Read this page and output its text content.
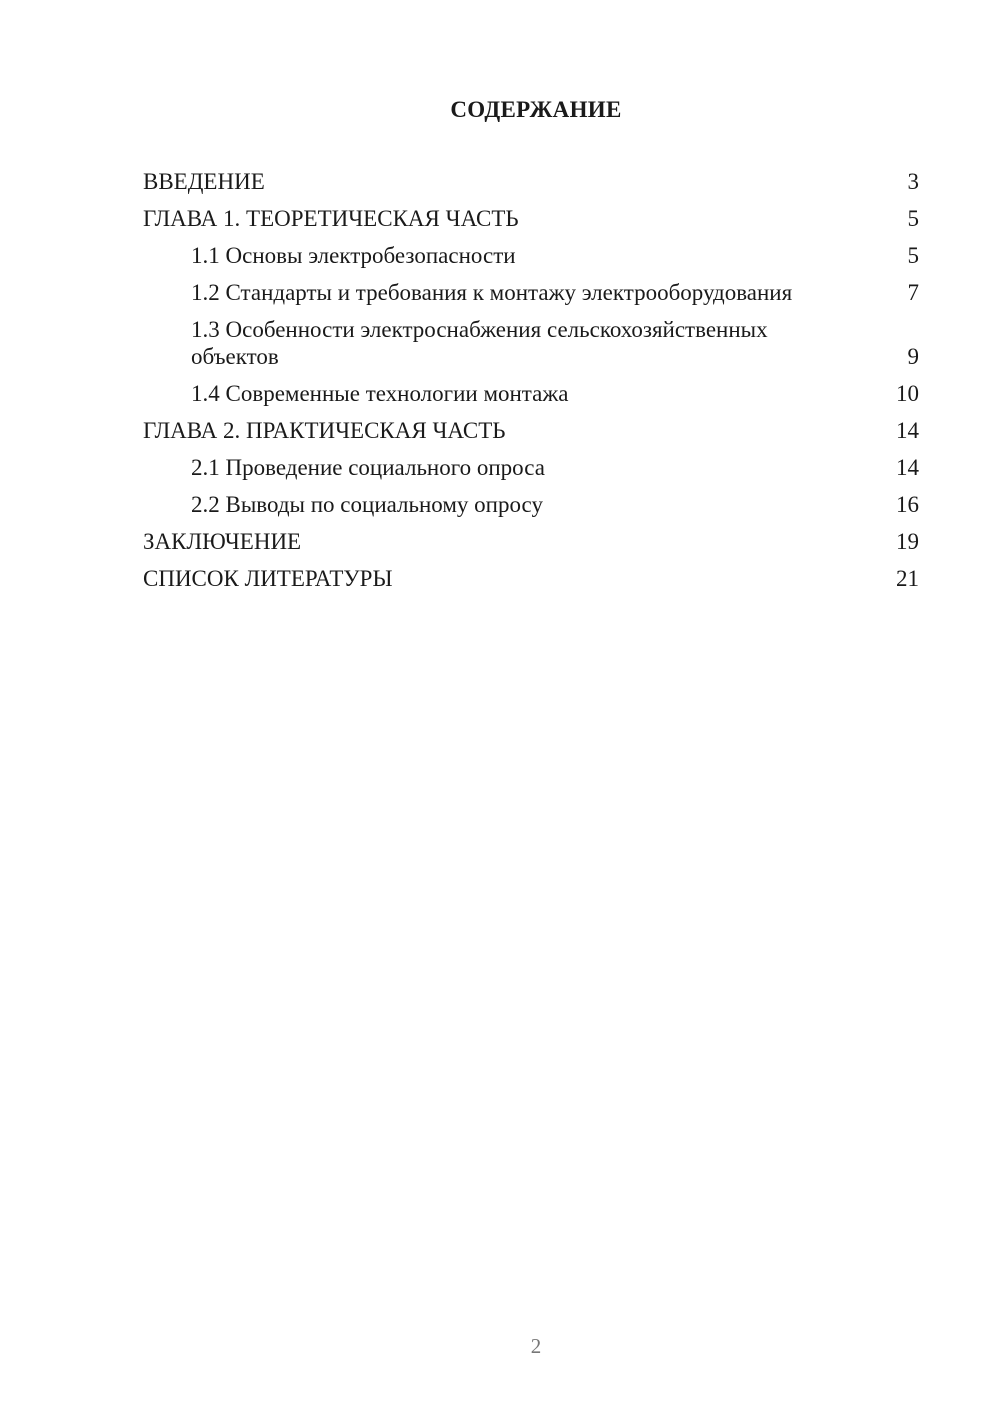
СОДЕРЖАНИЕ
ВВЕДЕНИЕ	3
ГЛАВА 1. ТЕОРЕТИЧЕСКАЯ ЧАСТЬ	5
1.1 Основы электробезопасности	5
1.2 Стандарты и требования к монтажу электрооборудования	7
1.3 Особенности электроснабжения сельскохозяйственных объектов	9
1.4 Современные технологии монтажа	10
ГЛАВА 2. ПРАКТИЧЕСКАЯ ЧАСТЬ	14
2.1 Проведение социального опроса	14
2.2 Выводы по социальному опросу	16
ЗАКЛЮЧЕНИЕ	19
СПИСОК ЛИТЕРАТУРЫ	21
2
